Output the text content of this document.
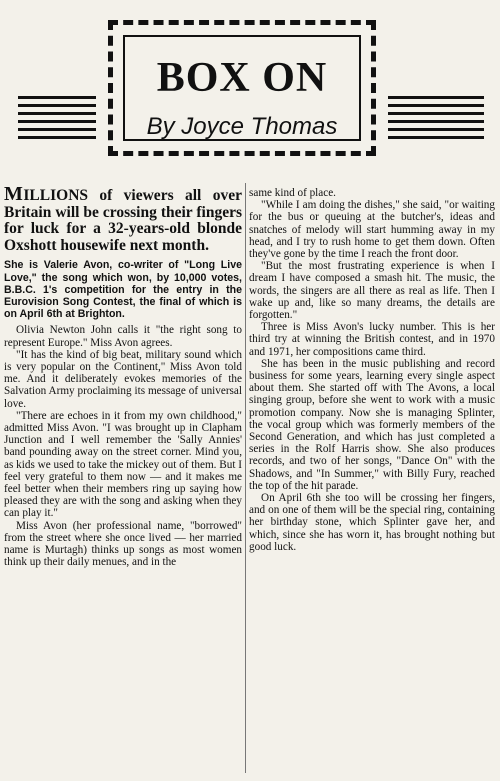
BOX ON
By Joyce Thomas

MILLIONS of viewers all over Britain will be crossing their fingers for luck for a 32-years-old blonde Oxshott housewife next month.

She is Valerie Avon, co-writer of "Long Live Love," the song which won, by 10,000 votes, B.B.C. 1's competition for the entry in the Eurovision Song Contest, the final of which is on April 6th at Brighton.

Olivia Newton John calls it "the right song to represent Europe." Miss Avon agrees.

"It has the kind of big beat, military sound which is very popular on the Continent," Miss Avon told me. And it deliberately evokes memories of the Salvation Army proclaiming its message of universal love.

"There are echoes in it from my own childhood," admitted Miss Avon. "I was brought up in Clapham Junction and I well remember the 'Sally Annies' band pounding away on the street corner. Mind you, as kids we used to take the mickey out of them. But I feel very grateful to them now — and it makes me feel better when their members ring up saying how pleased they are with the song and asking when they can play it."

Miss Avon (her professional name, "borrowed" from the street where she once lived — her married name is Murtagh) thinks up songs as most women think up their daily menues, and in the

same kind of place.

"While I am doing the dishes," she said, "or waiting for the bus or queuing at the butcher's, ideas and snatches of melody will start humming away in my head, and I try to rush home to get them down. Often they've gone by the time I reach the front door.

"But the most frustrating experience is when I dream I have composed a smash hit. The music, the words, the singers are all there as real as life. Then I wake up and, like so many dreams, the details are forgotten."

Three is Miss Avon's lucky number. This is her third try at winning the British contest, and in 1970 and 1971, her compositions came third.

She has been in the music publishing and record business for some years, learning every single aspect about them. She started off with The Avons, a local singing group, before she went to work with a music promotion company. Now she is managing Splinter, the vocal group which was formerly members of the Second Generation, and which has just completed a series in the Rolf Harris show. She also produces records, and two of her songs, "Dance On" with the Shadows, and "In Summer," with Billy Fury, reached the top of the hit parade.

On April 6th she too will be crossing her fingers, and on one of them will be the special ring, containing her birthday stone, which Splinter gave her, and which, since she has worn it, has brought nothing but good luck.
